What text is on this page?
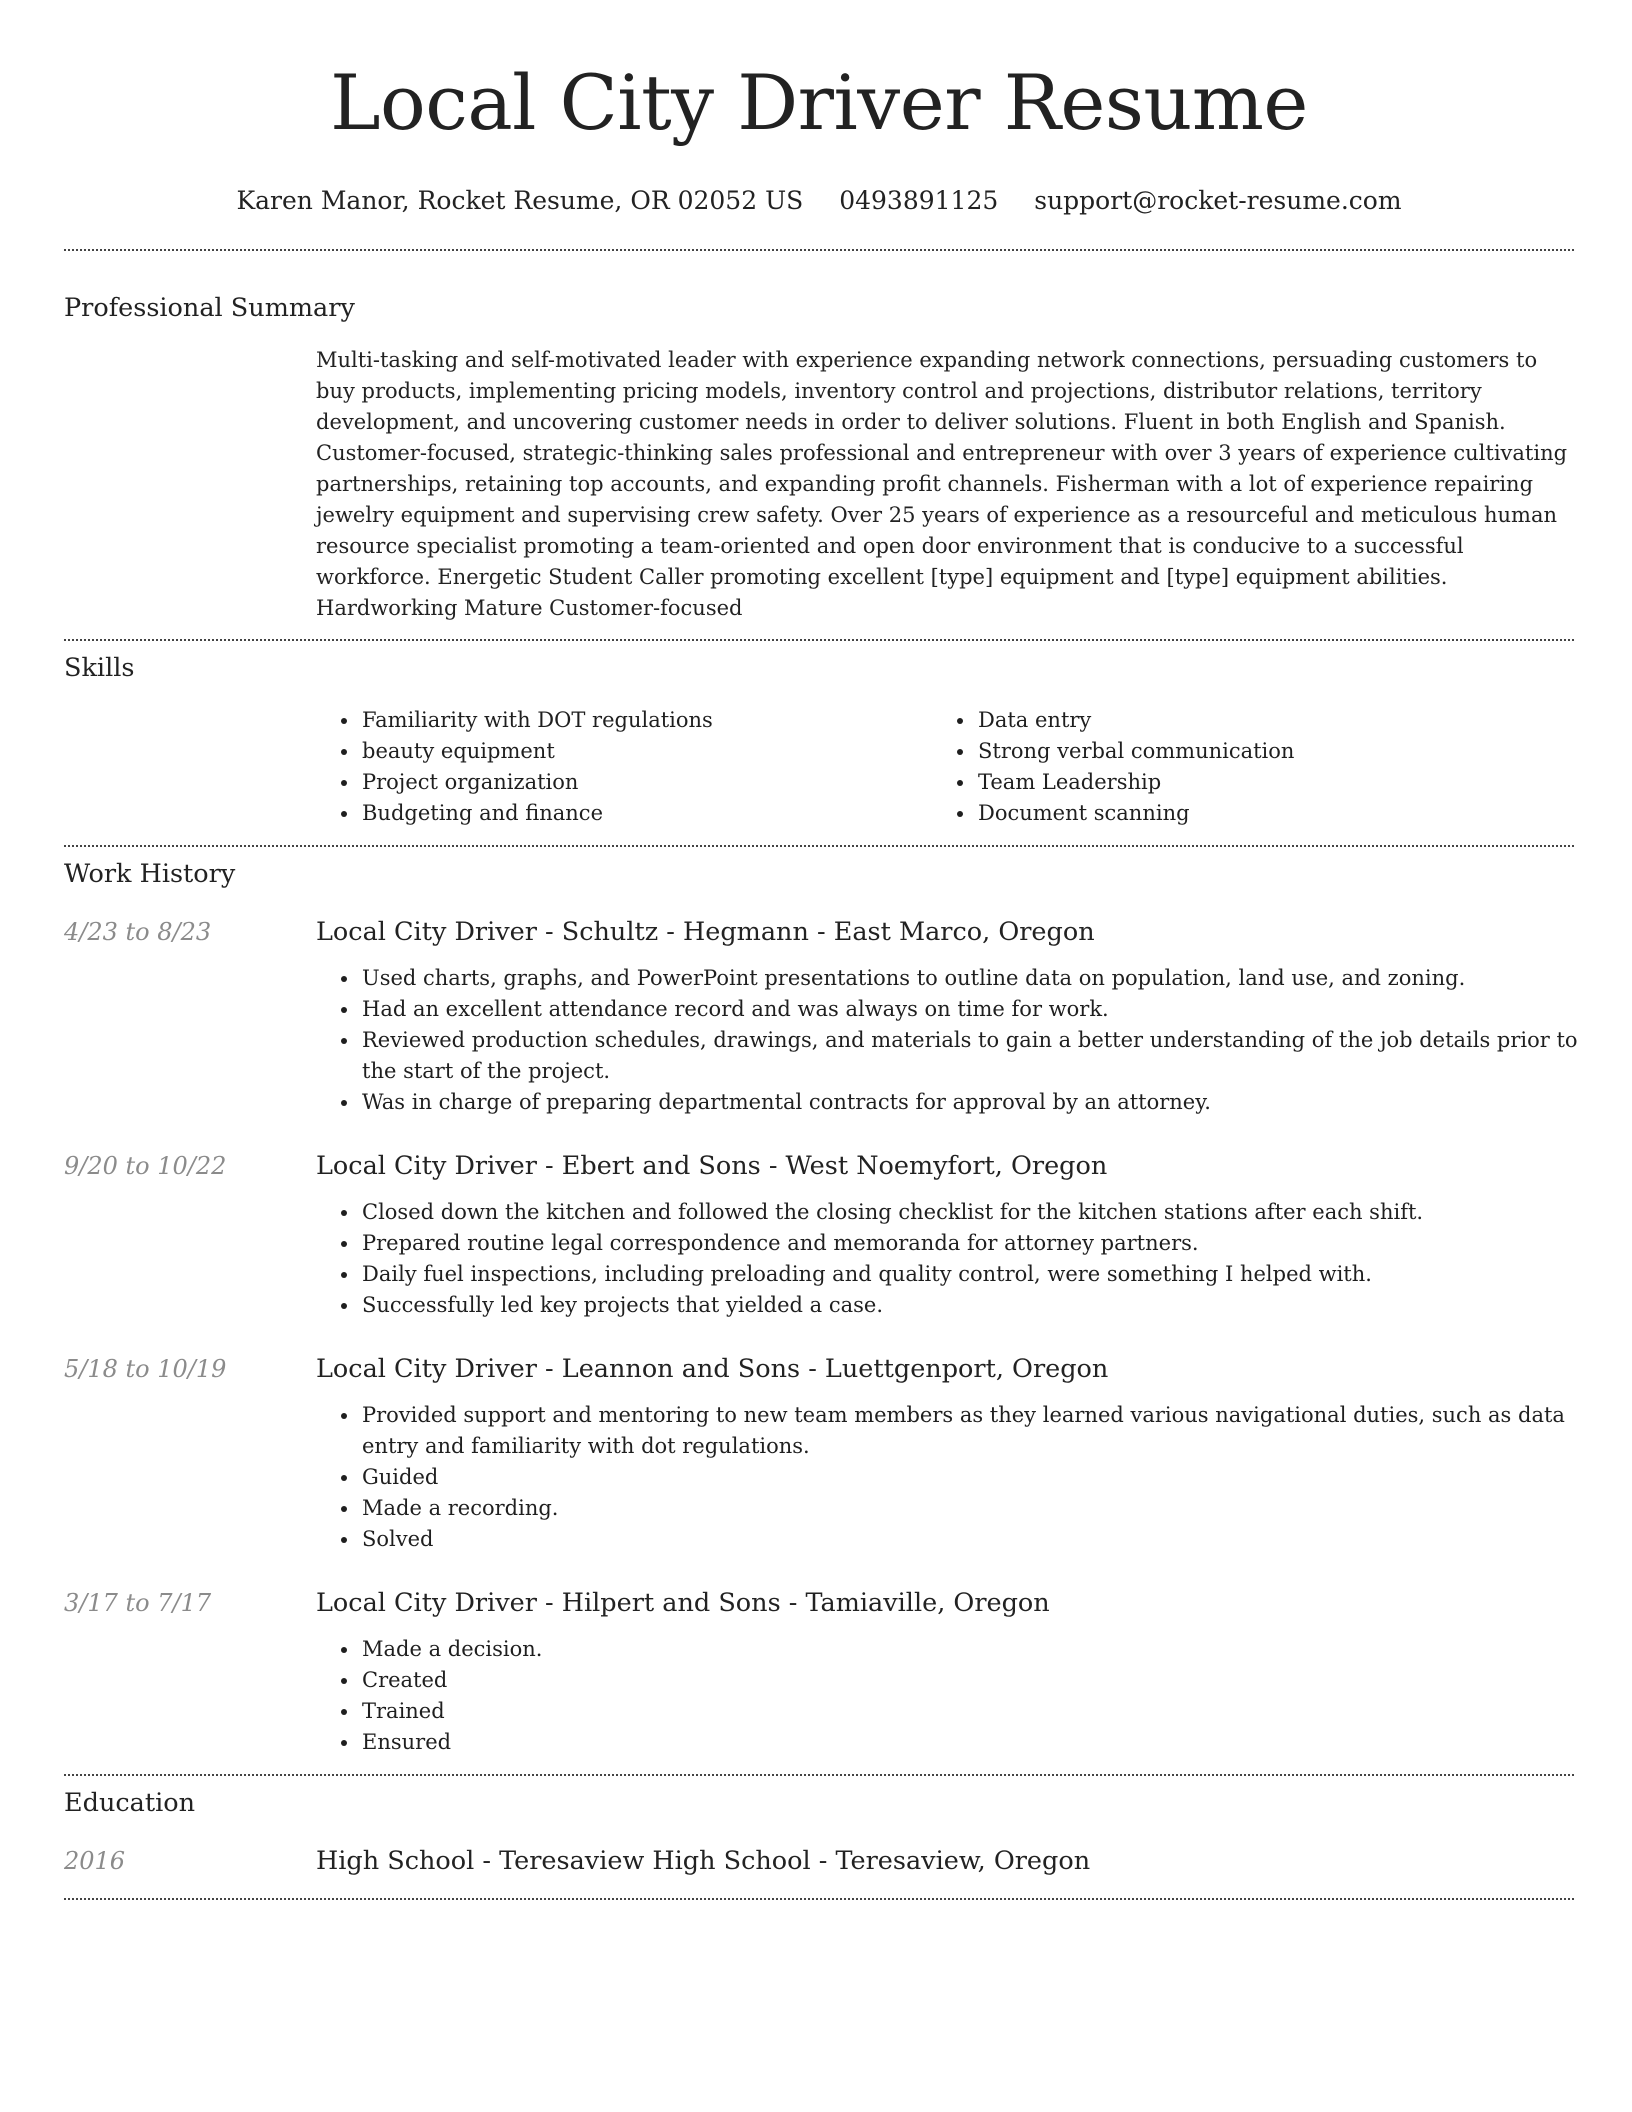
Local City Driver Resume
Karen Manor, Rocket Resume, OR 02052 US 0493891125 support@rocket-resume.com
Professional Summary

Multi-tasking and self-motivated leader with experience expanding network connections, persuading customers to buy products, implementing pricing models, inventory control and projections, distributor relations, territory development, and uncovering customer needs in order to deliver solutions. Fluent in both English and Spanish. Customer-focused, strategic-thinking sales professional and entrepreneur with over 3 years of experience cultivating partnerships, retaining top accounts, and expanding profit channels. Fisherman with a lot of experience repairing jewelry equipment and supervising crew safety. Over 25 years of experience as a resourceful and meticulous human resource specialist promoting a team-oriented and open door environment that is conducive to a successful workforce. Energetic Student Caller promoting excellent [type] equipment and [type] equipment abilities. Hardworking Mature Customer-focused

Skills
• Familiarity with DOT regulations
• beauty equipment
• Project organization
• Budgeting and finance
• Data entry
• Strong verbal communication
• Team Leadership
• Document scanning
Work History
4/23 to 8/23	Local City Driver - Schultz - Hegmann - East Marco, Oregon
• Used charts, graphs, and PowerPoint presentations to outline data on population, land use, and zoning.
• Had an excellent attendance record and was always on time for work.
• Reviewed production schedules, drawings, and materials to gain a better understanding of the job details prior to the start of the project.
• Was in charge of preparing departmental contracts for approval by an attorney.
9/20 to 10/22	Local City Driver - Ebert and Sons - West Noemyfort, Oregon
• Closed down the kitchen and followed the closing checklist for the kitchen stations after each shift.
• Prepared routine legal correspondence and memoranda for attorney partners.
• Daily fuel inspections, including preloading and quality control, were something I helped with.
• Successfully led key projects that yielded a case.
5/18 to 10/19	Local City Driver - Leannon and Sons - Luettgenport, Oregon
• Provided support and mentoring to new team members as they learned various navigational duties, such as data entry and familiarity with dot regulations.
• Guided
• Made a recording.
• Solved
3/17 to 7/17	Local City Driver - Hilpert and Sons - Tamiaville, Oregon
• Made a decision.
• Created
• Trained
• Ensured
Education
2016	High School - Teresaview High School - Teresaview, Oregon
